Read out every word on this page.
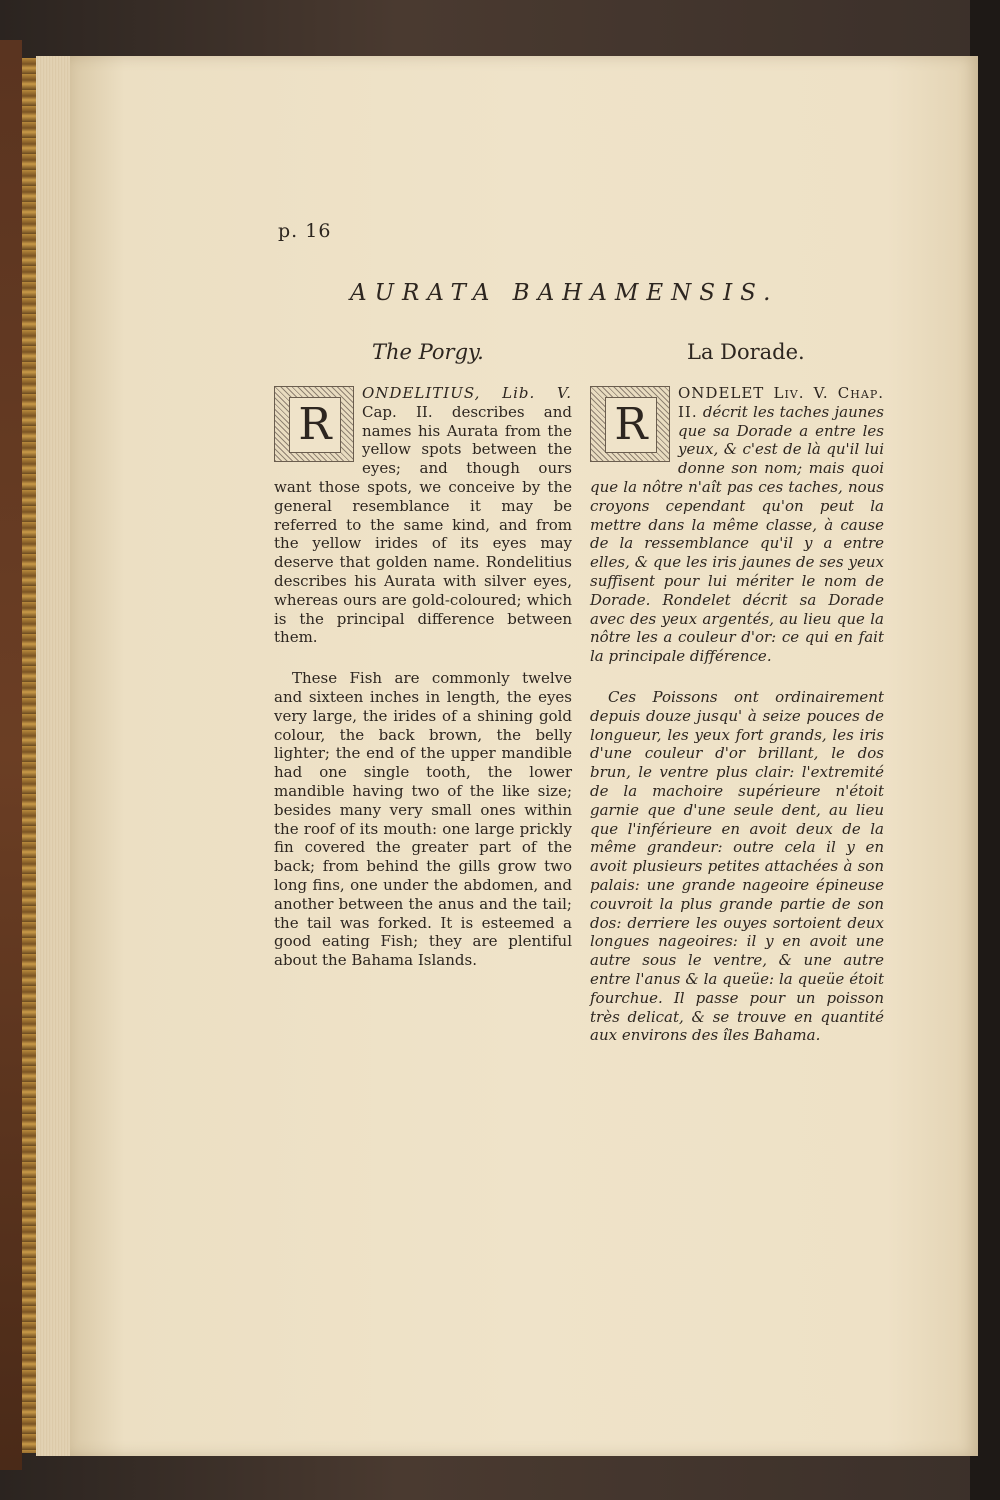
p. 16
AURATA BAHAMENSIS.
The Porgy.	La Dorade.

R
ONDELITIUS, Lib. V. Cap. II. describes and names his Aurata from the yellow spots between the eyes; and though ours want those spots, we conceive by the general resemblance it may be referred to the same kind, and from the yellow irides of its eyes may deserve that golden name. Rondelitius describes his Aurata with silver eyes, whereas ours are gold-coloured; which is the principal difference between them.

These Fish are commonly twelve and sixteen inches in length, the eyes very large, the irides of a shining gold colour, the back brown, the belly lighter; the end of the upper mandible had one single tooth, the lower mandible having two of the like size; besides many very small ones within the roof of its mouth: one large prickly fin covered the greater part of the back; from behind the gills grow two long fins, one under the abdomen, and another between the anus and the tail; the tail was forked. It is esteemed a good eating Fish; they are plentiful about the Bahama Islands.

R
ONDELET Liv. V. Chap. II. décrit les taches jaunes que sa Dorade a entre les yeux, & c'est de là qu'il lui donne son nom; mais quoi que la nôtre n'aît pas ces taches, nous croyons cependant qu'on peut la mettre dans la même classe, à cause de la ressemblance qu'il y a entre elles, & que les iris jaunes de ses yeux suffisent pour lui mériter le nom de Dorade. Rondelet décrit sa Dorade avec des yeux argentés, au lieu que la nôtre les a couleur d'or: ce qui en fait la principale différence.

Ces Poissons ont ordinairement depuis douze jusqu' à seize pouces de longueur, les yeux fort grands, les iris d'une couleur d'or brillant, le dos brun, le ventre plus clair: l'extremité de la machoire supérieure n'étoit garnie que d'une seule dent, au lieu que l'inférieure en avoit deux de la même grandeur: outre cela il y en avoit plusieurs petites attachées à son palais: une grande nageoire épineuse couvroit la plus grande partie de son dos: derriere les ouyes sortoient deux longues nageoires: il y en avoit une autre sous le ventre, & une autre entre l'anus & la queüe: la queüe étoit fourchue. Il passe pour un poisson très delicat, & se trouve en quantité aux environs des îles Bahama.
